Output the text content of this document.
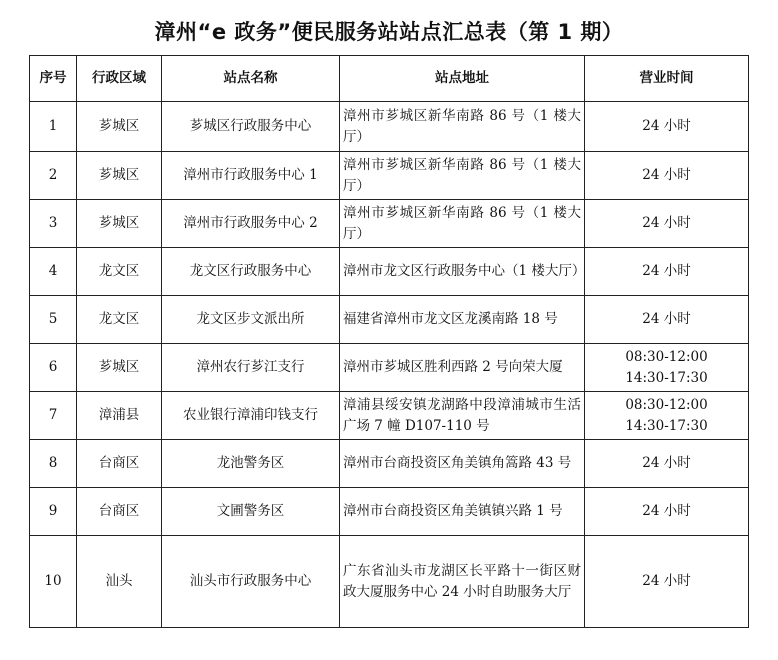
漳州“e 政务”便民服务站站点汇总表（第 1 期）
序号	行政区域	站点名称	站点地址	营业时间
1	芗城区	芗城区行政服务中心	漳州市芗城区新华南路 86 号（1 楼大厅）	24 小时
2	芗城区	漳州市行政服务中心 1	漳州市芗城区新华南路 86 号（1 楼大厅）	24 小时
3	芗城区	漳州市行政服务中心 2	漳州市芗城区新华南路 86 号（1 楼大厅）	24 小时
4	龙文区	龙文区行政服务中心	漳州市龙文区行政服务中心（1 楼大厅）	24 小时
5	龙文区	龙文区步文派出所	福建省漳州市龙文区龙溪南路 18 号	24 小时
6	芗城区	漳州农行芗江支行	漳州市芗城区胜利西路 2 号向荣大厦	08:30-12:00
14:30-17:30
7	漳浦县	农业银行漳浦印钱支行	漳浦县绥安镇龙湖路中段漳浦城市生活广场 7 幢 D107-110 号	08:30-12:00
14:30-17:30
8	台商区	龙池警务区	漳州市台商投资区角美镇角篙路 43 号	24 小时
9	台商区	文圃警务区	漳州市台商投资区角美镇镇兴路 1 号	24 小时
10	汕头	汕头市行政服务中心	广东省汕头市龙湖区长平路十一街区财政大厦服务中心 24 小时自助服务大厅	24 小时
